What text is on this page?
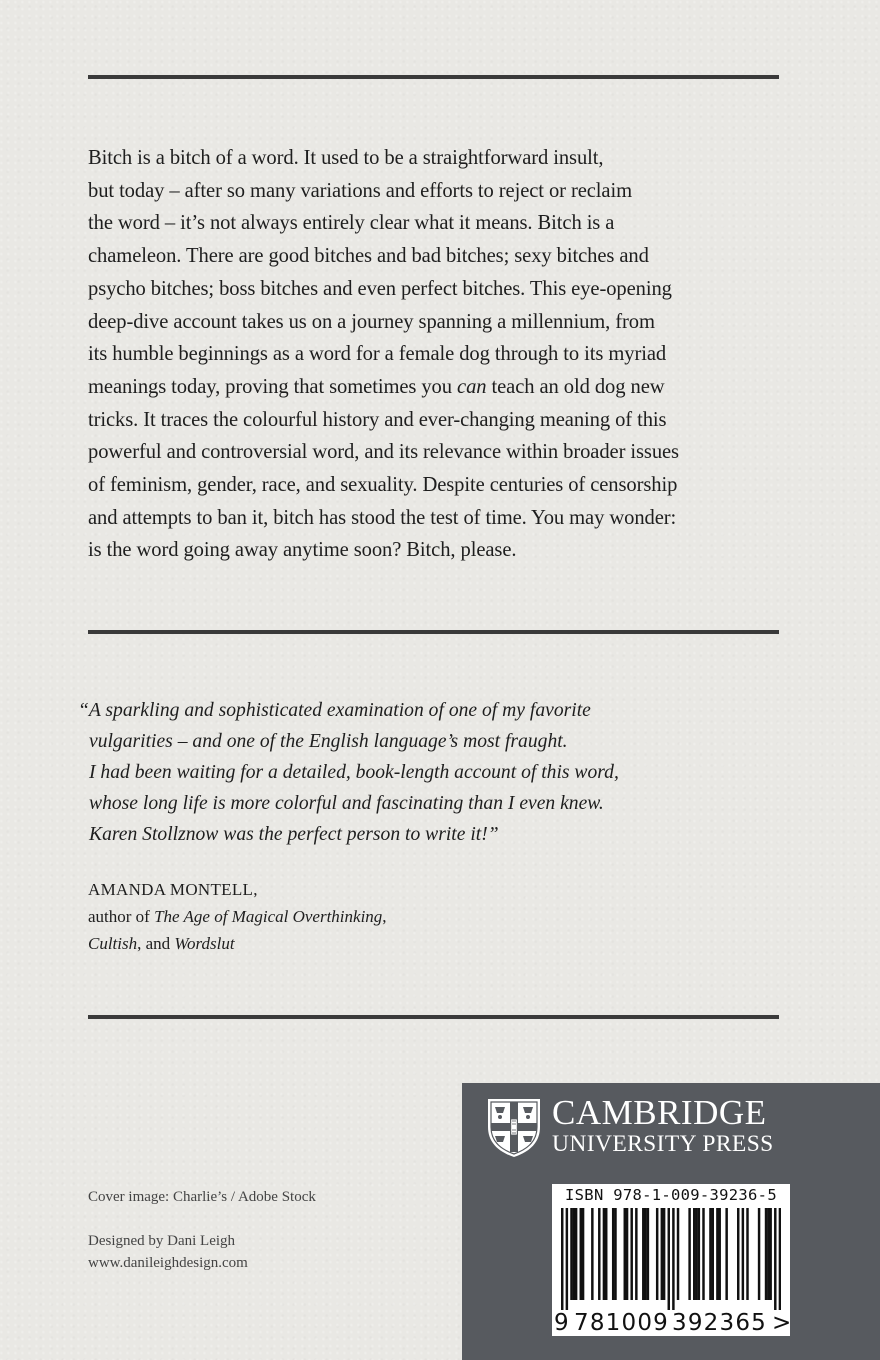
Bitch is a bitch of a word. It used to be a straightforward insult,
but today – after so many variations and efforts to reject or reclaim
the word – it’s not always entirely clear what it means. Bitch is a
chameleon. There are good bitches and bad bitches; sexy bitches and
psycho bitches; boss bitches and even perfect bitches. This eye-opening
deep-dive account takes us on a journey spanning a millennium, from
its humble beginnings as a word for a female dog through to its myriad
meanings today, proving that sometimes you can teach an old dog new
tricks. It traces the colourful history and ever-changing meaning of this
powerful and controversial word, and its relevance within broader issues
of feminism, gender, race, and sexuality. Despite centuries of censorship
and attempts to ban it, bitch has stood the test of time. You may wonder:
is the word going away anytime soon? Bitch, please.
“A sparkling and sophisticated examination of one of my favorite
vulgarities – and one of the English language’s most fraught.
I had been waiting for a detailed, book-length account of this word,
whose long life is more colorful and fascinating than I even knew.
Karen Stollznow was the perfect person to write it!”
AMANDA MONTELL,
author of The Age of Magical Overthinking,
Cultish, and Wordslut
Cover image: Charlie’s / Adobe Stock
Designed by Dani Leigh
www.danileighdesign.com
CAMBRIDGE
UNIVERSITY PRESS
ISBN 978-1-009-39236-5
9 781009 392365 >
